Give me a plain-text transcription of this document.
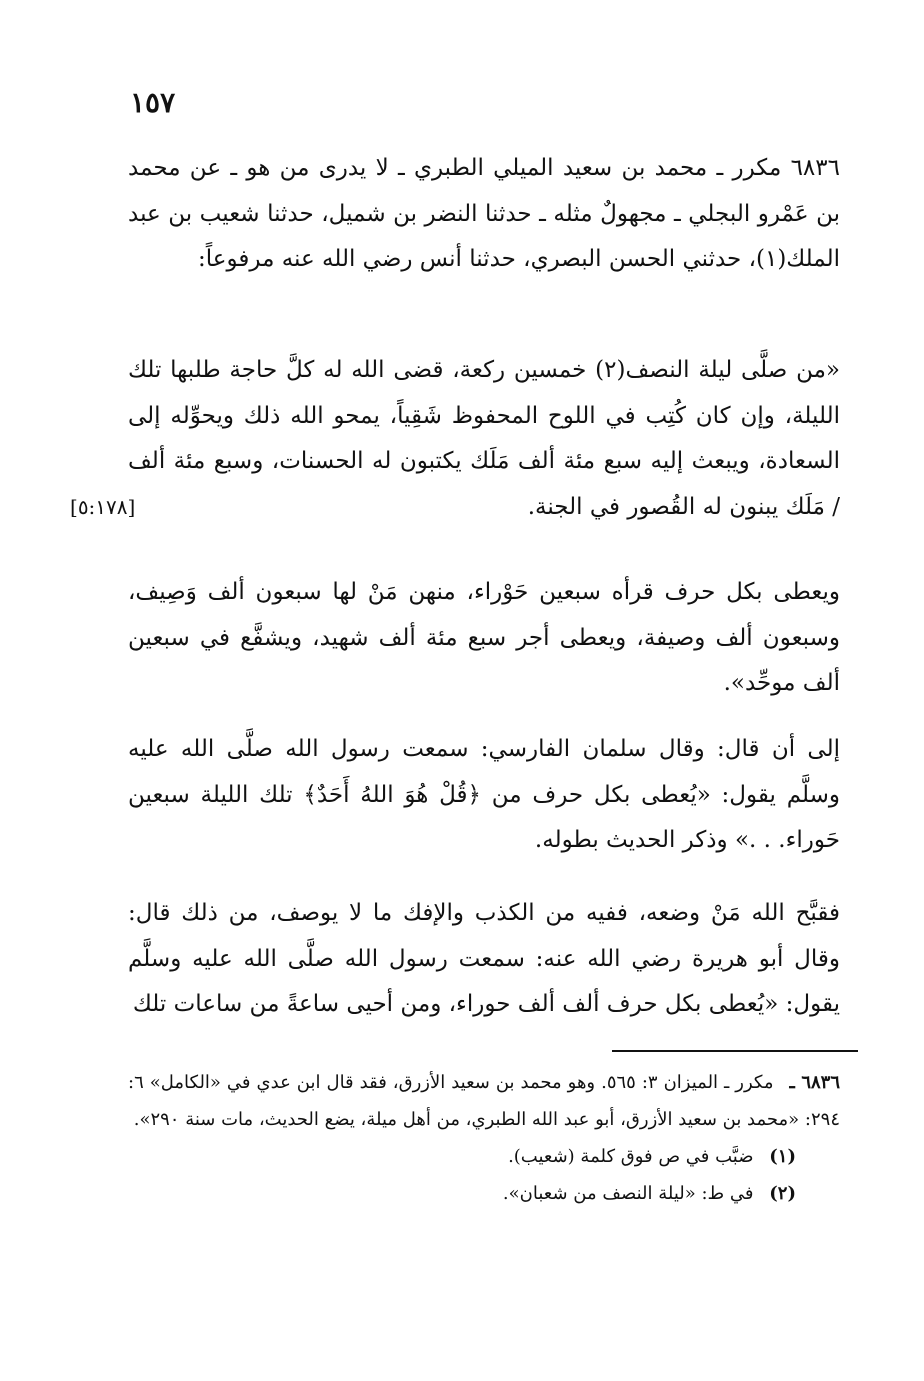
١٥٧

٦٨٣٦ مكرر ـ محمد بن سعيد الميلي الطبري ـ لا يدرى من هو ـ عن محمد بن عَمْرو البجلي ـ مجهولٌ مثله ـ حدثنا النضر بن شميل، حدثنا شعيب بن عبد الملك(١)، حدثني الحسن البصري، حدثنا أنس رضي الله عنه مرفوعاً:

«من صلَّى ليلة النصف(٢) خمسين ركعة، قضى الله له كلَّ حاجة طلبها تلك الليلة، وإن كان كُتِب في اللوح المحفوظ شَقِياً، يمحو الله ذلك ويحوِّله إلى السعادة، ويبعث إليه سبع مئة ألف مَلَك يكتبون له الحسنات، وسبع مئة ألف / مَلَك يبنون له القُصور في الجنة.

[٥:١٧٨]

ويعطى بكل حرف قرأه سبعين حَوْراء، منهن مَنْ لها سبعون ألف وَصِيف، وسبعون ألف وصيفة، ويعطى أجر سبع مئة ألف شهيد، ويشفَّع في سبعين ألف موحِّد».

إلى أن قال: وقال سلمان الفارسي: سمعت رسول الله صلَّى الله عليه وسلَّم يقول: «يُعطى بكل حرف من ﴿قُلْ هُوَ اللهُ أَحَدٌ﴾ تلك الليلة سبعين حَوراء. . .» وذكر الحديث بطوله.

فقبَّح الله مَنْ وضعه، ففيه من الكذب والإفك ما لا يوصف، من ذلك قال: وقال أبو هريرة رضي الله عنه: سمعت رسول الله صلَّى الله عليه وسلَّم يقول: «يُعطى بكل حرف ألف ألف حوراء، ومن أحيى ساعةً من ساعات تلك

٦٨٣٦ ـ مكرر ـ الميزان ٣: ٥٦٥. وهو محمد بن سعيد الأزرق، فقد قال ابن عدي في «الكامل» ٦: ٢٩٤: «محمد بن سعيد الأزرق، أبو عبد الله الطبري، من أهل ميلة، يضع الحديث، مات سنة ٢٩٠».

(١) ضبَّب في ص فوق كلمة (شعيب).

(٢) في ط: «ليلة النصف من شعبان».
